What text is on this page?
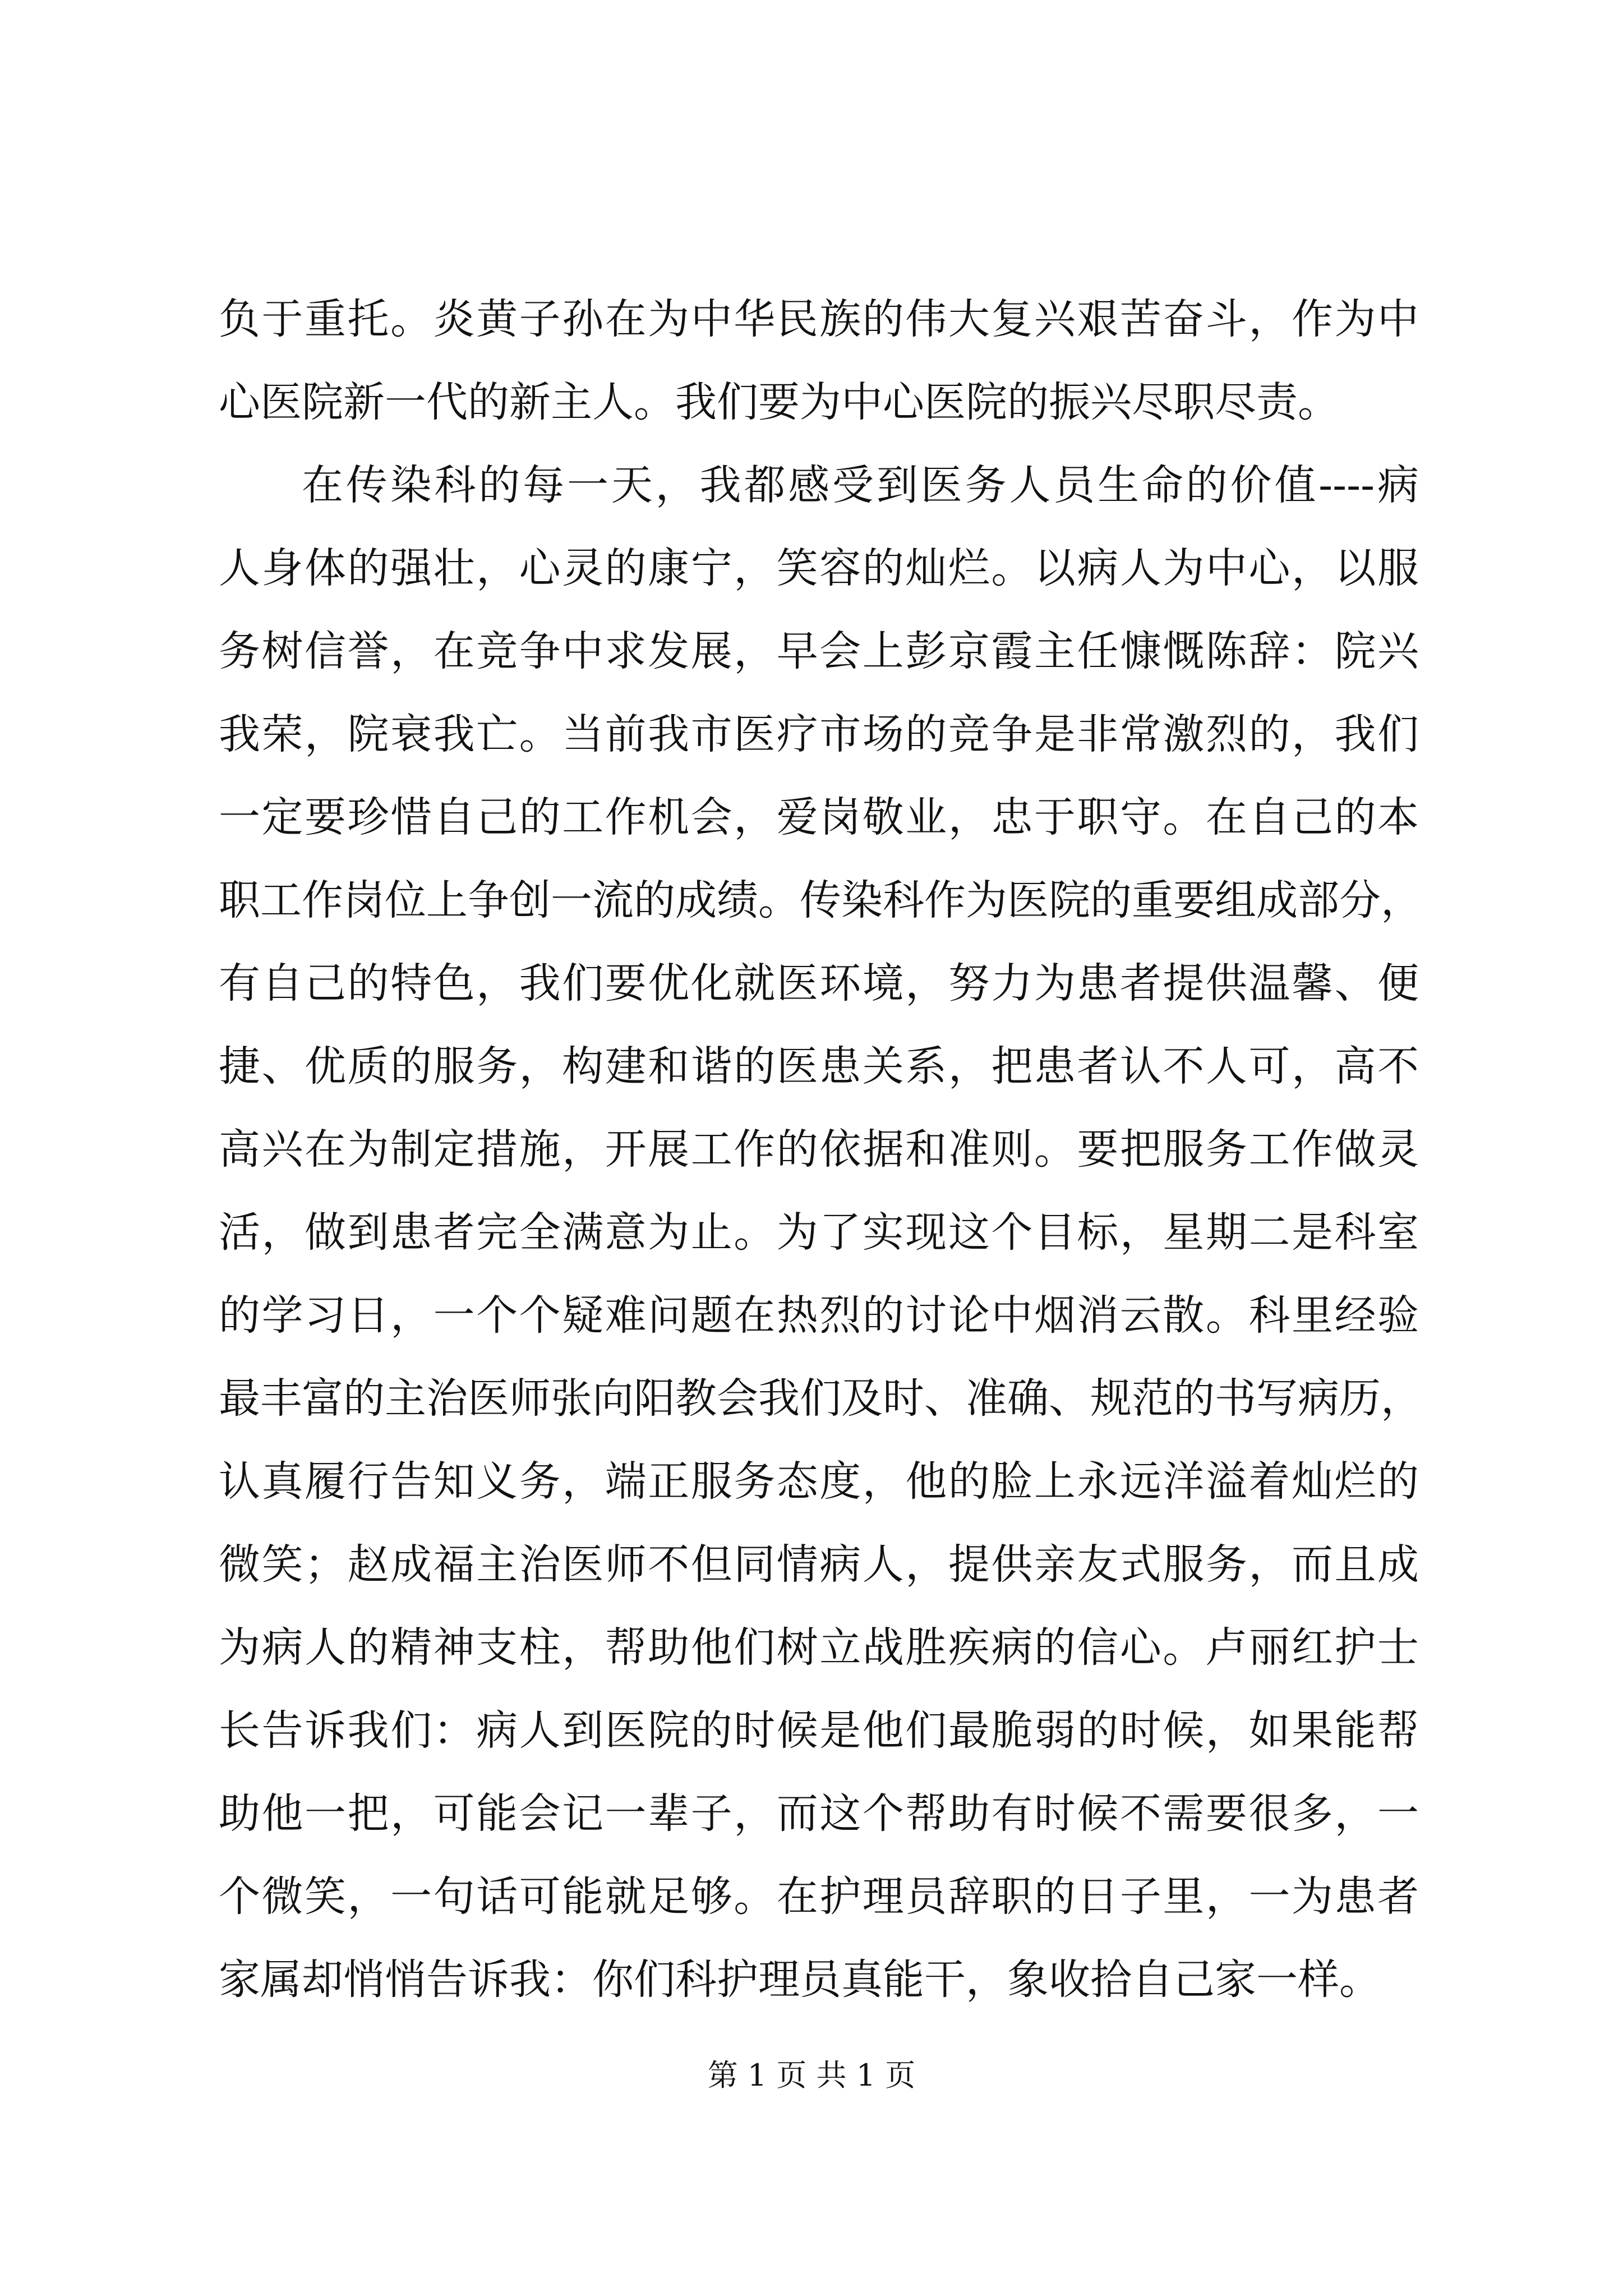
负于重托。炎黄子孙在为中华民族的伟大复兴艰苦奋斗，作为中
心医院新一代的新主人。我们要为中心医院的振兴尽职尽责。
在传染科的每一天，我都感受到医务人员生命的价值----病
人身体的强壮，心灵的康宁，笑容的灿烂。以病人为中心，以服
务树信誉，在竞争中求发展，早会上彭京霞主任慷慨陈辞：院兴
我荣，院衰我亡。当前我市医疗市场的竞争是非常激烈的，我们
一定要珍惜自己的工作机会，爱岗敬业，忠于职守。在自己的本
职工作岗位上争创一流的成绩。传染科作为医院的重要组成部分，
有自己的特色，我们要优化就医环境，努力为患者提供温馨、便
捷、优质的服务，构建和谐的医患关系，把患者认不人可，高不
高兴在为制定措施，开展工作的依据和准则。要把服务工作做灵
活，做到患者完全满意为止。为了实现这个目标，星期二是科室
的学习日，一个个疑难问题在热烈的讨论中烟消云散。科里经验
最丰富的主治医师张向阳教会我们及时、准确、规范的书写病历，
认真履行告知义务，端正服务态度，他的脸上永远洋溢着灿烂的
微笑；赵成福主治医师不但同情病人，提供亲友式服务，而且成
为病人的精神支柱，帮助他们树立战胜疾病的信心。卢丽红护士
长告诉我们：病人到医院的时候是他们最脆弱的时候，如果能帮
助他一把，可能会记一辈子，而这个帮助有时候不需要很多，一
个微笑，一句话可能就足够。在护理员辞职的日子里，一为患者
家属却悄悄告诉我：你们科护理员真能干，象收拾自己家一样。
第 1 页 共 1 页
